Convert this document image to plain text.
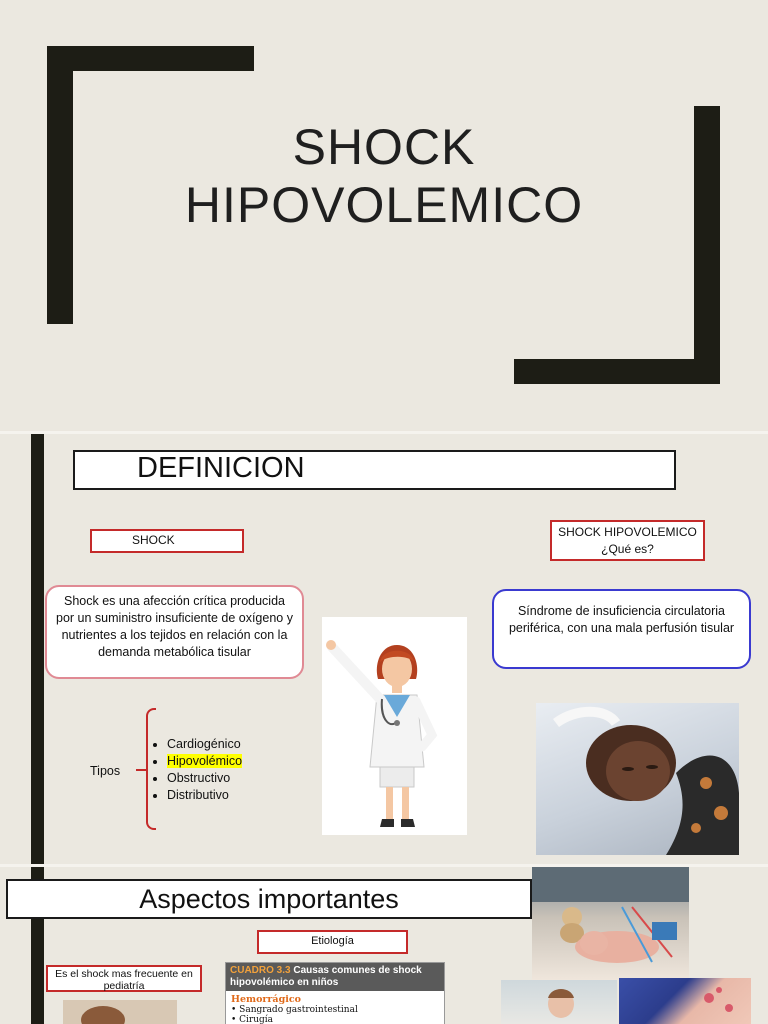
SHOCK
HIPOVOLEMICO
DEFINICION
SHOCK
SHOCK HIPOVOLEMICO
¿Qué es?
Shock es una afección crítica producida por un suministro insuficiente de oxígeno y nutrientes a los tejidos en relación con la demanda metabólica tisular
Síndrome de insuficiencia circulatoria periférica, con una mala perfusión tisular
Tipos
• Cardiogénico
• Hipovolémico
• Obstructivo
• Distributivo
Aspectos importantes
Etiología
Es el shock mas frecuente en pediatría
CUADRO 3.3 Causas comunes de shock hipovolémico en niños
Hemorrágico
• Sangrado gastrointestinal
• Cirugía
